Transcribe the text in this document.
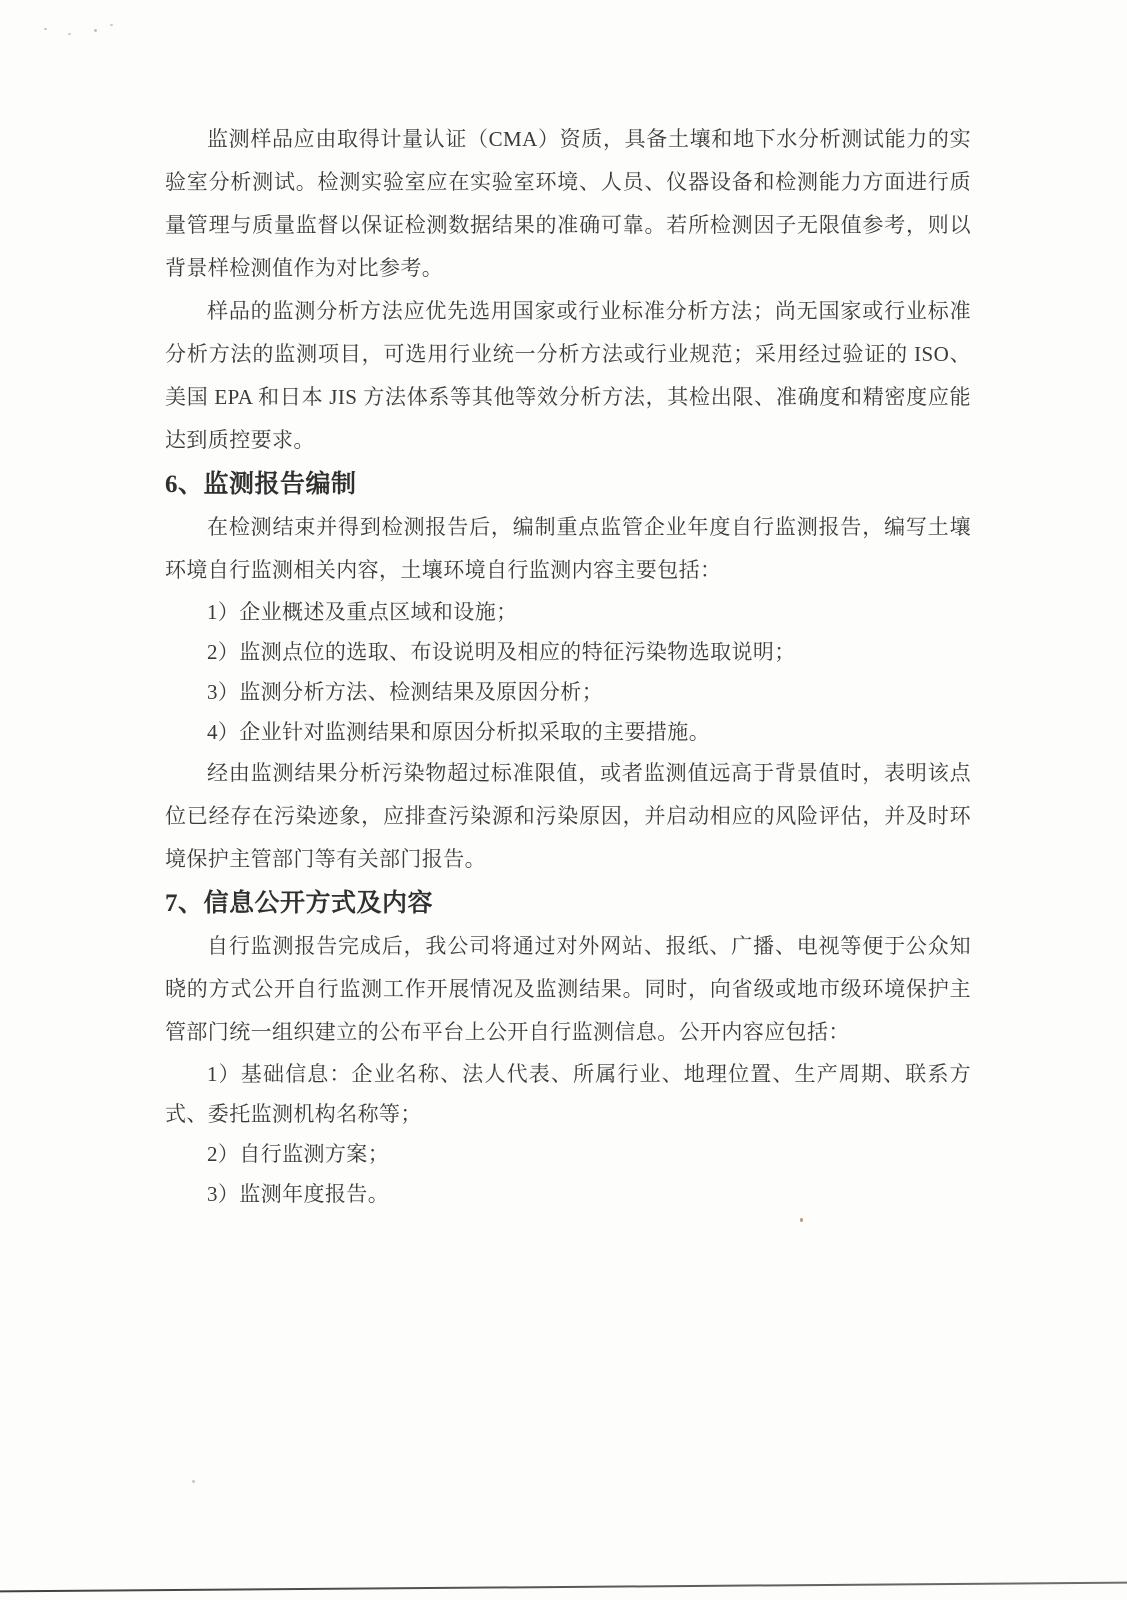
监测样品应由取得计量认证（CMA）资质，具备土壤和地下水分析测试能力的实验室分析测试。检测实验室应在实验室环境、人员、仪器设备和检测能力方面进行质量管理与质量监督以保证检测数据结果的准确可靠。若所检测因子无限值参考，则以背景样检测值作为对比参考。

样品的监测分析方法应优先选用国家或行业标准分析方法；尚无国家或行业标准分析方法的监测项目，可选用行业统一分析方法或行业规范；采用经过验证的 ISO、美国 EPA 和日本 JIS 方法体系等其他等效分析方法，其检出限、准确度和精密度应能达到质控要求。

6、监测报告编制

在检测结束并得到检测报告后，编制重点监管企业年度自行监测报告，编写土壤环境自行监测相关内容，土壤环境自行监测内容主要包括：

1）企业概述及重点区域和设施；

2）监测点位的选取、布设说明及相应的特征污染物选取说明；

3）监测分析方法、检测结果及原因分析；

4）企业针对监测结果和原因分析拟采取的主要措施。

经由监测结果分析污染物超过标准限值，或者监测值远高于背景值时，表明该点位已经存在污染迹象，应排查污染源和污染原因，并启动相应的风险评估，并及时环境保护主管部门等有关部门报告。

7、信息公开方式及内容

自行监测报告完成后，我公司将通过对外网站、报纸、广播、电视等便于公众知晓的方式公开自行监测工作开展情况及监测结果。同时，向省级或地市级环境保护主管部门统一组织建立的公布平台上公开自行监测信息。公开内容应包括：

1）基础信息：企业名称、法人代表、所属行业、地理位置、生产周期、联系方式、委托监测机构名称等；

2）自行监测方案；

3）监测年度报告。
